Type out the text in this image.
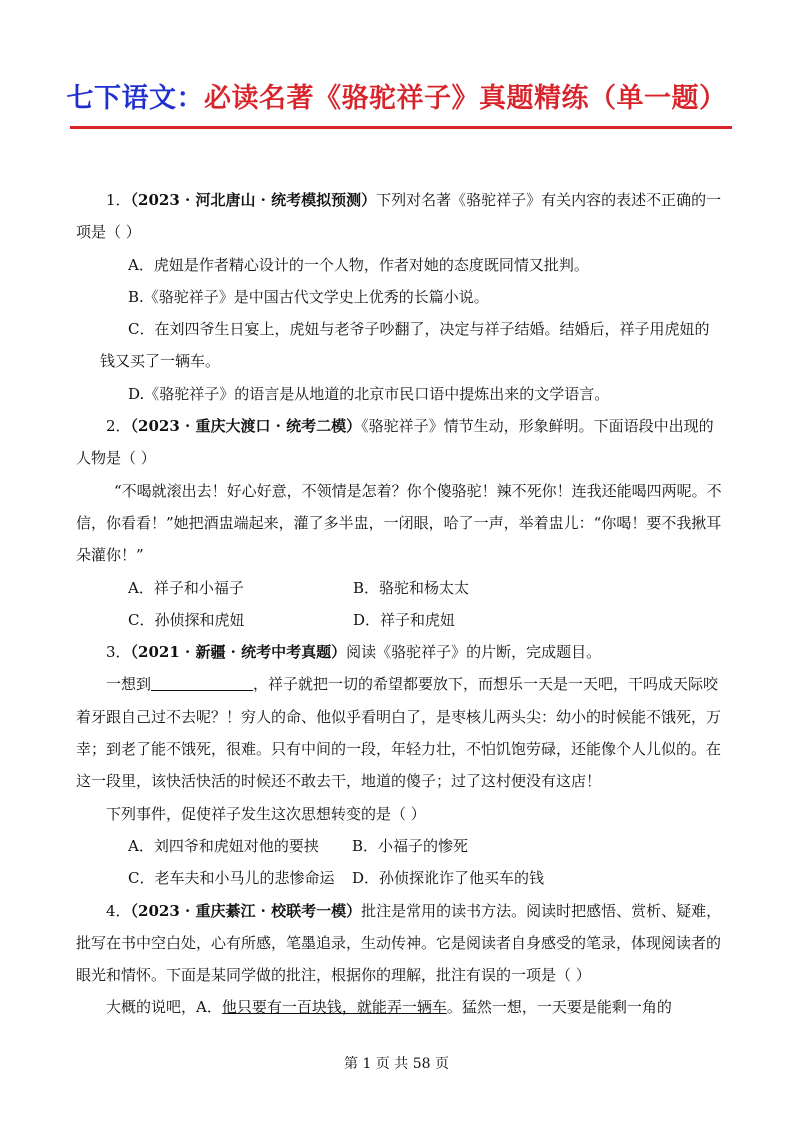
七下语文：必读名著《骆驼祥子》真题精练（单一题）

1．（2023 · 河北唐山 · 统考模拟预测）下列对名著《骆驼祥子》有关内容的表述不正确的一项是（ ）

A．虎妞是作者精心设计的一个人物，作者对她的态度既同情又批判。

B.《骆驼祥子》是中国古代文学史上优秀的长篇小说。

C．在刘四爷生日宴上，虎妞与老爷子吵翻了，决定与祥子结婚。结婚后，祥子用虎妞的钱又买了一辆车。

D.《骆驼祥子》的语言是从地道的北京市民口语中提炼出来的文学语言。

2．（2023 · 重庆大渡口 · 统考二模）《骆驼祥子》情节生动，形象鲜明。下面语段中出现的人物是（ ）

“不喝就滚出去！好心好意，不领情是怎着？你个傻骆驼！辣不死你！连我还能喝四两呢。不信，你看看！”她把酒盅端起来，灌了多半盅，一闭眼，哈了一声，举着盅儿：“你喝！要不我揪耳朵灌你！”

A．祥子和小福子	B．骆驼和杨太太

C．孙侦探和虎妞	D．祥子和虎妞

3．（2021 · 新疆 · 统考中考真题）阅读《骆驼祥子》的片断，完成题目。

一想到	，祥子就把一切的希望都要放下，而想乐一天是一天吧，干吗成天际咬着牙跟自己过不去呢？！穷人的命、他似乎看明白了，是枣核儿两头尖：幼小的时候能不饿死，万幸；到老了能不饿死，很难。只有中间的一段，年轻力壮，不怕饥饱劳碌，还能像个人儿似的。在这一段里，该快活快活的时候还不敢去干，地道的傻子；过了这村便没有这店！

下列事件，促使祥子发生这次思想转变的是（ ）

A．刘四爷和虎妞对他的要挟	B．小福子的惨死

C．老车夫和小马儿的悲惨命运	D．孙侦探讹诈了他买车的钱

4．（2023 · 重庆綦江 · 校联考一模）批注是常用的读书方法。阅读时把感悟、赏析、疑难，批写在书中空白处，心有所感，笔墨追录，生动传神。它是阅读者自身感受的笔录，体现阅读者的眼光和情怀。下面是某同学做的批注，根据你的理解，批注有误的一项是（ ）

大概的说吧，A．他只要有一百块钱，就能弄一辆车。猛然一想，一天要是能剩一角的

第 1 页 共 58 页
